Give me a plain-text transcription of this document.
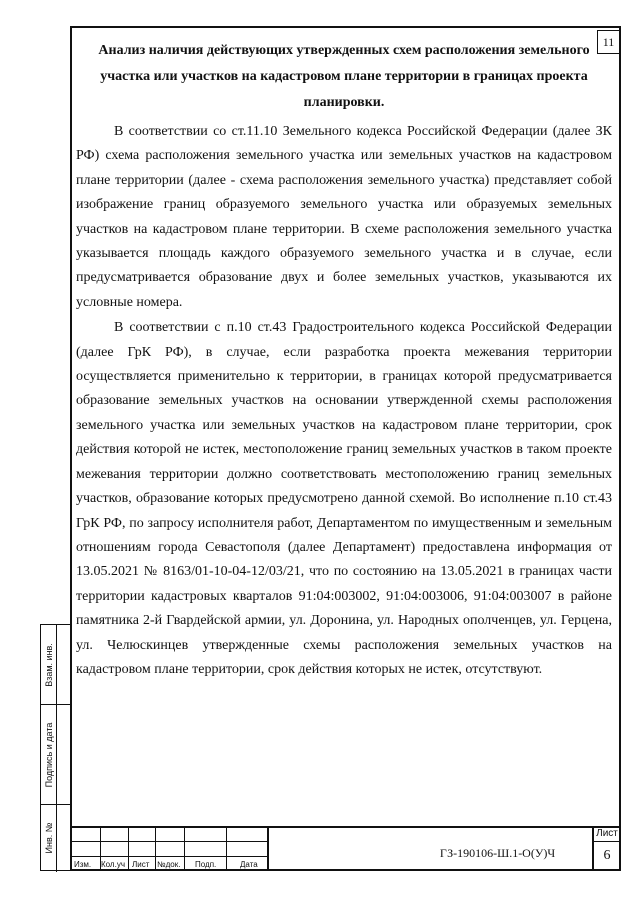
11

Анализ наличия действующих утвержденных схем расположения земельного участка или участков на кадастровом плане территории в границах проекта планировки.

В соответствии со ст.11.10 Земельного кодекса Российской Федерации (далее ЗК РФ) схема расположения земельного участка или земельных участков на кадастровом плане территории (далее - схема расположения земельного участка) представляет собой изображение границ образуемого земельного участка или образуемых земельных участков на кадастровом плане территории. В схеме расположения земельного участка указывается площадь каждого образуемого земельного участка и в случае, если предусматривается образование двух и более земельных участков, указываются их условные номера.

В соответствии с п.10 ст.43 Градостроительного кодекса Российской Федерации (далее ГрК РФ), в случае, если разработка проекта межевания территории осуществляется применительно к территории, в границах которой предусматривается образование земельных участков на основании утвержденной схемы расположения земельного участка или земельных участков на кадастровом плане территории, срок действия которой не истек, местоположение границ земельных участков в таком проекте межевания территории должно соответствовать местоположению границ земельных участков, образование которых предусмотрено данной схемой. Во исполнение п.10 ст.43 ГрК РФ, по запросу исполнителя работ, Департаментом по имущественным и земельным отношениям города Севастополя (далее Департамент) предоставлена информация от 13.05.2021 № 8163/01-10-04-12/03/21, что по состоянию на 13.05.2021 в границах части территории кадастровых кварталов 91:04:003002, 91:04:003006, 91:04:003007 в районе памятника 2-й Гвардейской армии, ул. Доронина, ул. Народных ополченцев, ул. Герцена, ул. Челюскинцев утвержденные схемы расположения земельных участков на кадастровом плане территории, срок действия которых не истек, отсутствуют.

Взам. инв.
Подпись и дата
Инв. №
Изм. Кол.уч Лист №док. Подп.	Дата
ГЗ-190106-Ш.1-О(У)Ч
Лист
6
